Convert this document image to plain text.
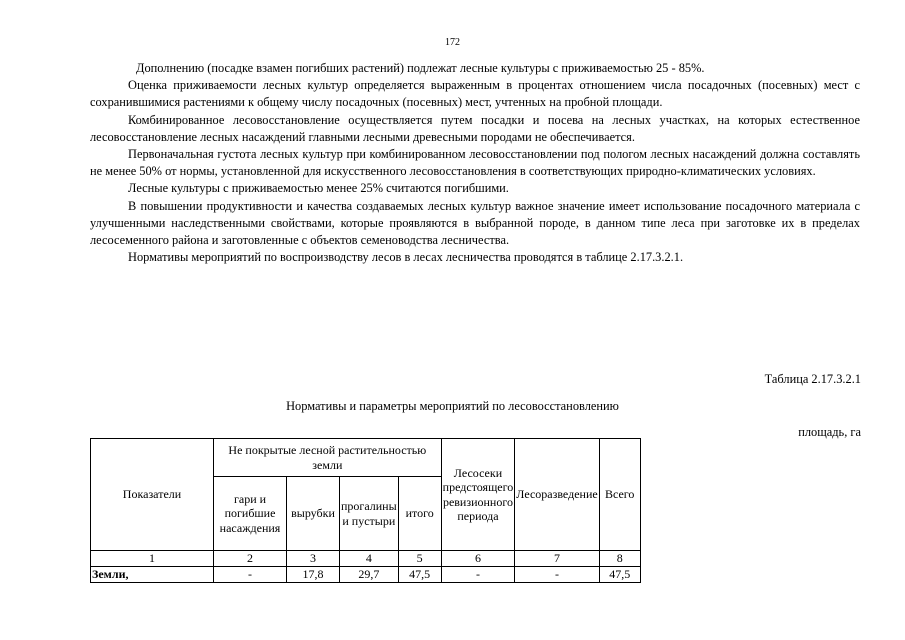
172

Дополнению (посадке взамен погибших растений) подлежат лесные культуры с приживаемостью 25 - 85%.

Оценка приживаемости лесных культур определяется выраженным в процентах отношением числа посадочных (посевных) мест с сохранившимися растениями к общему числу посадочных (посевных) мест, учтенных на пробной площади.

Комбинированное лесовосстановление осуществляется путем посадки и посева на лесных участках, на которых естественное лесовосстановление лесных насаждений главными лесными древесными породами не обеспечивается.

Первоначальная густота лесных культур при комбинированном лесовосстановлении под пологом лесных насаждений должна составлять не менее 50% от нормы, установленной для искусственного лесовосстановления в соответствующих природно-климатических условиях.

Лесные культуры с приживаемостью менее 25% считаются погибшими.

В повышении продуктивности и качества создаваемых лесных культур важное значение имеет использование посадочного материала с улучшенными наследственными свойствами, которые проявляются в выбранной породе, в данном типе леса при заготовке их в пределах лесосеменного района и заготовленные с объектов семеноводства лесничества.

Нормативы мероприятий по воспроизводству лесов в лесах лесничества проводятся в таблице 2.17.3.2.1.

Таблица 2.17.3.2.1
Нормативы и параметры мероприятий по лесовосстановлению
площадь, га
Показатели	Не покрытые лесной растительностью земли				Лесосеки предстоящего ревизионного периода	Лесоразведение	Всего
	гари и погибшие насаждения	вырубки	прогалины и пустыри	итого			
1	2	3	4	5	6	7	8
Земли,	-	17,8	29,7	47,5	-	-	47,5
